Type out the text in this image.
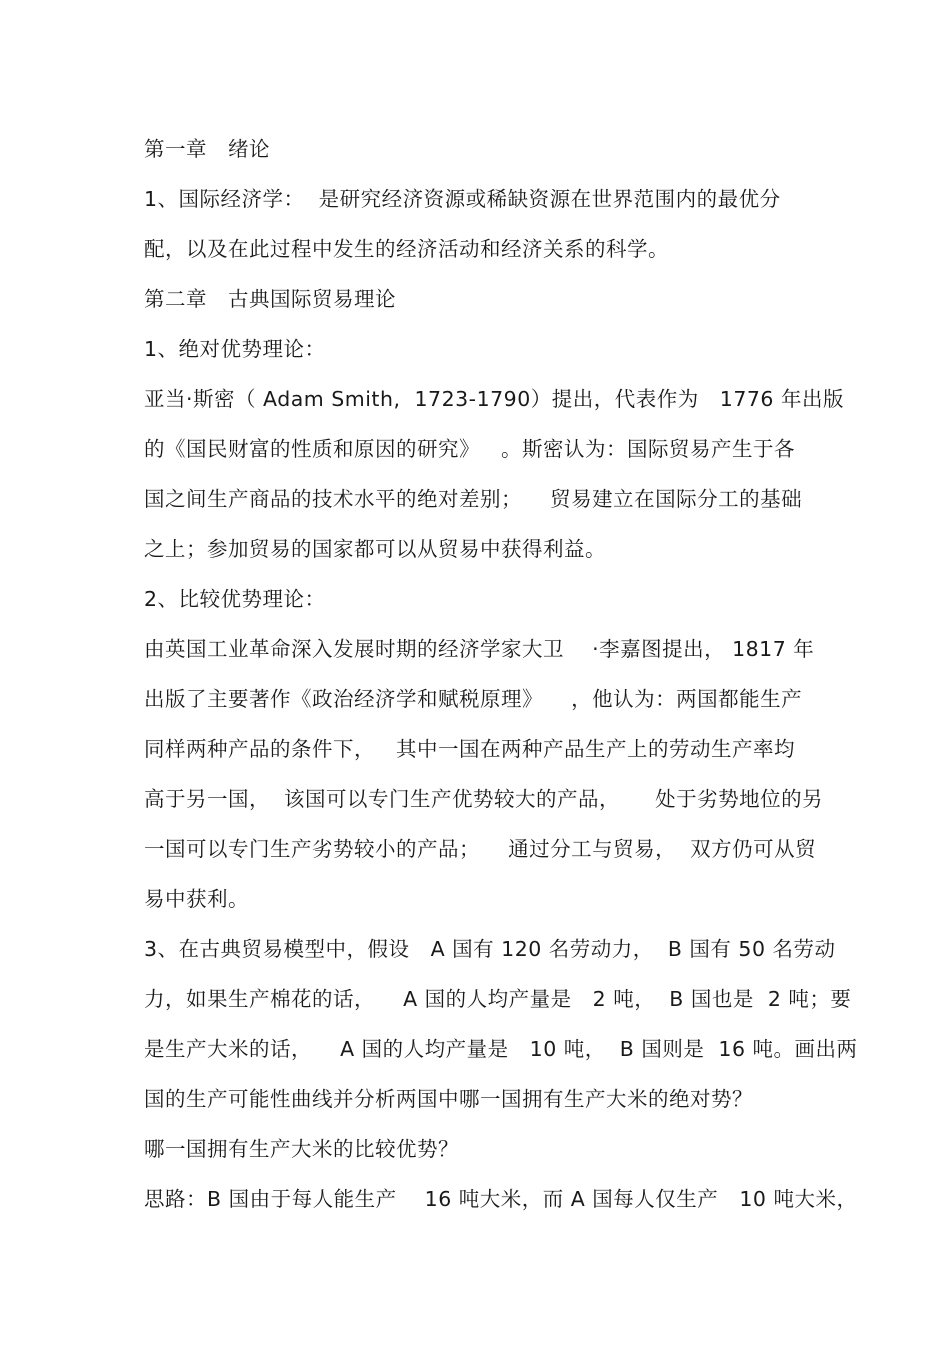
第一章   绪论
1、国际经济学：  是研究经济资源或稀缺资源在世界范围内的最优分
配，以及在此过程中发生的经济活动和经济关系的科学。
第二章   古典国际贸易理论
1、绝对优势理论：
亚当·斯密（ Adam Smith,  1723-1790）提出，代表作为   1776 年出版
的《国民财富的性质和原因的研究》   。斯密认为：国际贸易产生于各
国之间生产商品的技术水平的绝对差别；    贸易建立在国际分工的基础
之上；参加贸易的国家都可以从贸易中获得利益。
2、比较优势理论：
由英国工业革命深入发展时期的经济学家大卫    ·李嘉图提出， 1817 年
出版了主要著作《政治经济学和赋税原理》    ，他认为：两国都能生产
同样两种产品的条件下，   其中一国在两种产品生产上的劳动生产率均
高于另一国，  该国可以专门生产优势较大的产品，     处于劣势地位的另
一国可以专门生产劣势较小的产品；    通过分工与贸易，  双方仍可从贸
易中获利。
3、在古典贸易模型中，假设   A 国有 120 名劳动力，  B 国有 50 名劳动
力，如果生产棉花的话，    A 国的人均产量是   2 吨，  B 国也是  2 吨；要
是生产大米的话，    A 国的人均产量是   10 吨，  B 国则是  16 吨。画出两
国的生产可能性曲线并分析两国中哪一国拥有生产大米的绝对势？
哪一国拥有生产大米的比较优势？
思路：B 国由于每人能生产    16 吨大米，而 A 国每人仅生产   10 吨大米，
